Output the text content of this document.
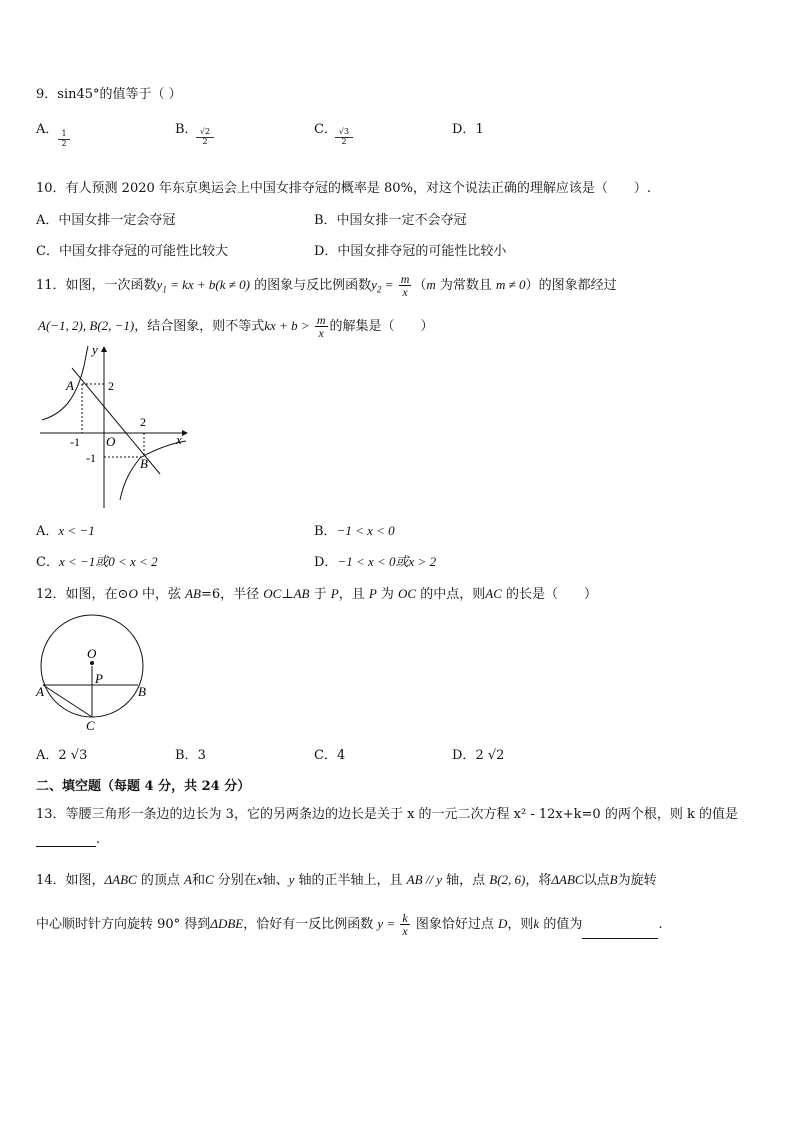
9．sin45°的值等于（ ）
A． 1
2
B． √2
2
C． √3
2
D．1
10．有人预测 2020 年东京奥运会上中国女排夺冠的概率是 80%，对这个说法正确的理解应该是（　　）.
A．中国女排一定会夺冠	B．中国女排一定不会夺冠
C．中国女排夺冠的可能性比较大	D．中国女排夺冠的可能性比较小
11．如图，一次函数$y_1$ = kx + b(k ≠ 0) 的图象与反比例函数$y_2 = \frac{m}{x} (m$ 为常数且 m ≠ 0）的图象都经过
A(−1, 2), B(2, −1)，结合图象，则不等式kx + $b > \frac{m}{x}$ 的解集是（　　）
y
x
A
B
O
2
2
-1
-1
A．x < −1	B．−1 < x < 0
C．x < −1或0 < x < 2	D．−1 < x < 0或x > 2
12．如图，在⊙O 中，弦 AB=6，半径 OC⊥AB 于 P，且 P 为 OC 的中点，则AC 的长是（　　）
O
P
A	B
C
A．2 √3	B．3	C．4	D．2 √2
二、填空题（每题 4 分，共 24 分）
13．等腰三角形一条边的边长为 3，它的另两条边的边长是关于 x 的一元二次方程 x² - 12x+k=0 的两个根，则 k 的值是
.
14．如图，ΔABC 的顶点 A和C 分别在x轴、y 轴的正半轴上，且 AB // y 轴，点 B(2, 6)，将ΔABC以点B为旋转
中心顺时针方向旋转 90° 得到ΔDBE，恰好有一反比例函数 $y = \frac{k}{x}$ 图象恰好过点 D，则k 的值为	.
